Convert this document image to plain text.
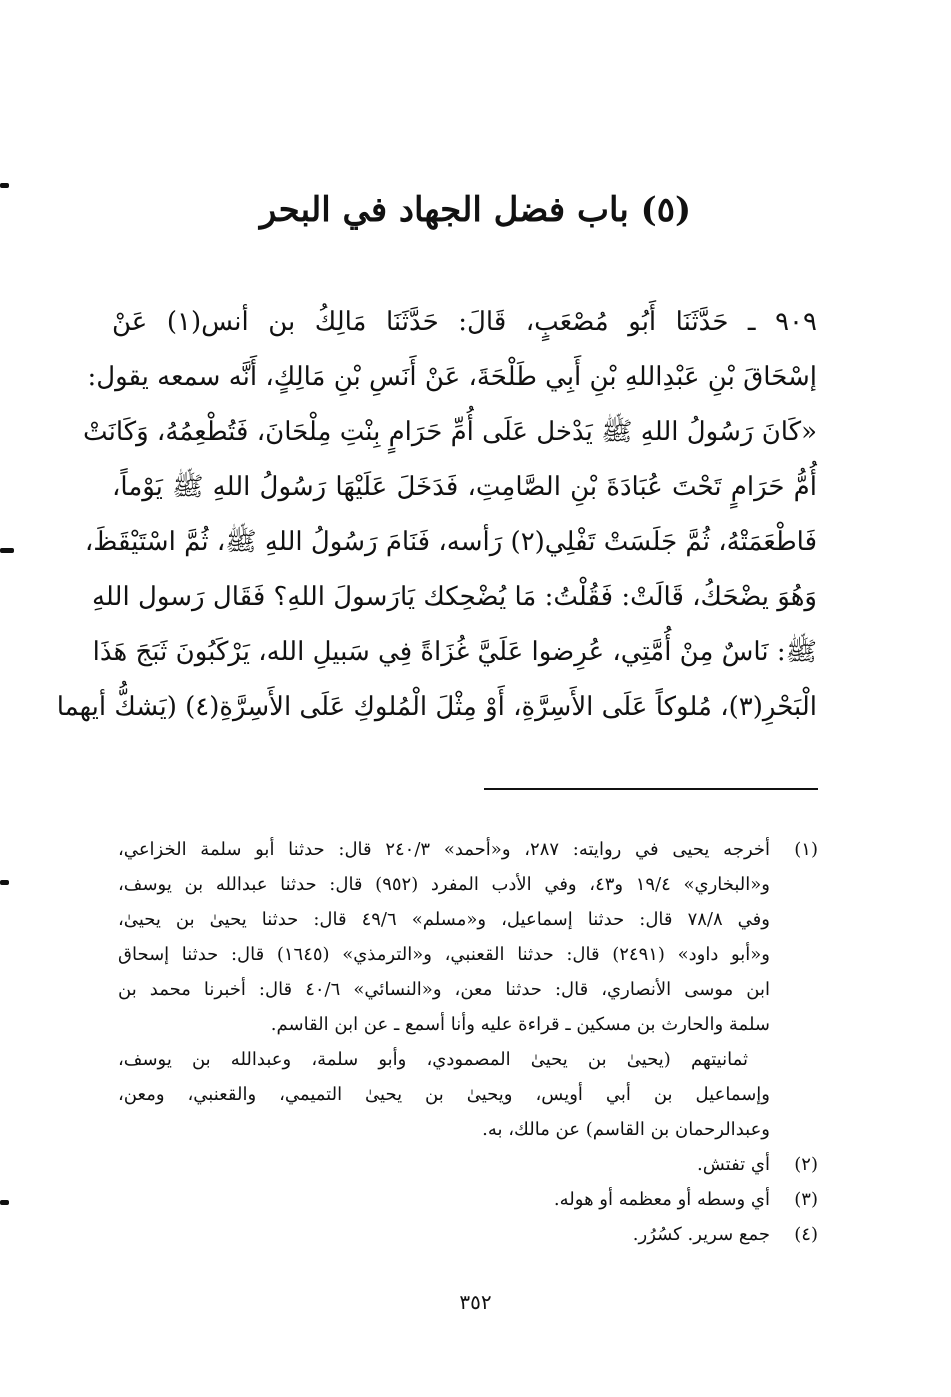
(٥) باب فضل الجهاد في البحر
٩٠٩ ـ حَدَّثَنَا أَبُو مُصْعَبٍ، قَالَ: حَدَّثَنَا مَالِكُ بن أنس(١) عَنْ
إسْحَاقَ بْنِ عَبْدِاللهِ بْنِ أَبِي طَلْحَةَ، عَنْ أَنَسِ بْنِ مَالِكٍ، أَنَّه سمعه يقول:
«كَانَ رَسُولُ اللهِ ﷺ يَدْخل عَلَى أُمِّ حَرَامٍ بِنْتِ مِلْحَانَ، فَتُطْعِمُهُ، وَكَانَتْ
أُمُّ حَرَامٍ تَحْتَ عُبَادَةَ بْنِ الصَّامِتِ، فَدَخَلَ عَلَيْهَا رَسُولُ اللهِ ﷺ يَوْماً،
فَاطْعَمَتْهُ، ثُمَّ جَلَسَتْ تَفْلِي(٢) رَأسه، فَنَامَ رَسُولُ اللهِ ﷺ، ثُمَّ اسْتَيْقَظَ،
وَهُوَ يضْحَكُ، قَالَتْ: فَقُلْتُ: مَا يُضْحِكك يَارَسولَ اللهِ؟ فَقَال رَسول اللهِ
ﷺ: نَاسٌ مِنْ أُمَّتِي، عُرِضوا عَلَيَّ غُزَاةً فِي سَبيلِ الله، يَرْكَبُونَ ثَبَجَ هَذَا
الْبَحْرِ(٣)، مُلوكاً عَلَى الأَسِرَّةِ، أَوْ مِثْلَ الْمُلوكِ عَلَى الأَسِرَّةِ(٤) (يَشكُّ أيهما
(١)
أخرجه يحيى في روايته: ٢٨٧، و«أحمد» ٢٤٠/٣ قال: حدثنا أبو سلمة الخزاعي،
و«البخاري» ١٩/٤ و٤٣، وفي الأدب المفرد (٩٥٢) قال: حدثنا عبدالله بن يوسف،
وفي ٧٨/٨ قال: حدثنا إسماعيل، و«مسلم» ٤٩/٦ قال: حدثنا يحيىٰ بن يحيىٰ،
و«أبو داود» (٢٤٩١) قال: حدثنا القعنبي، و«الترمذي» (١٦٤٥) قال: حدثنا إسحاق
ابن موسى الأنصاري، قال: حدثنا معن، و«النسائي» ٤٠/٦ قال: أخبرنا محمد بن
سلمة والحارث بن مسكين ـ قراءة عليه وأنا أسمع ـ عن ابن القاسم.
ثمانيتهم (يحيىٰ بن يحيىٰ المصمودي، وأبو سلمة، وعبدالله بن يوسف،
وإسماعيل بن أبي أويس، ويحيىٰ بن يحيىٰ التميمي، والقعنبي، ومعن،
وعبدالرحمان بن القاسم) عن مالك، به.
(٢)
أي تفتش.
(٣)
أي وسطه أو معظمه أو هوله.
(٤)
جمع سرير. كسُرُر.
٣٥٢
